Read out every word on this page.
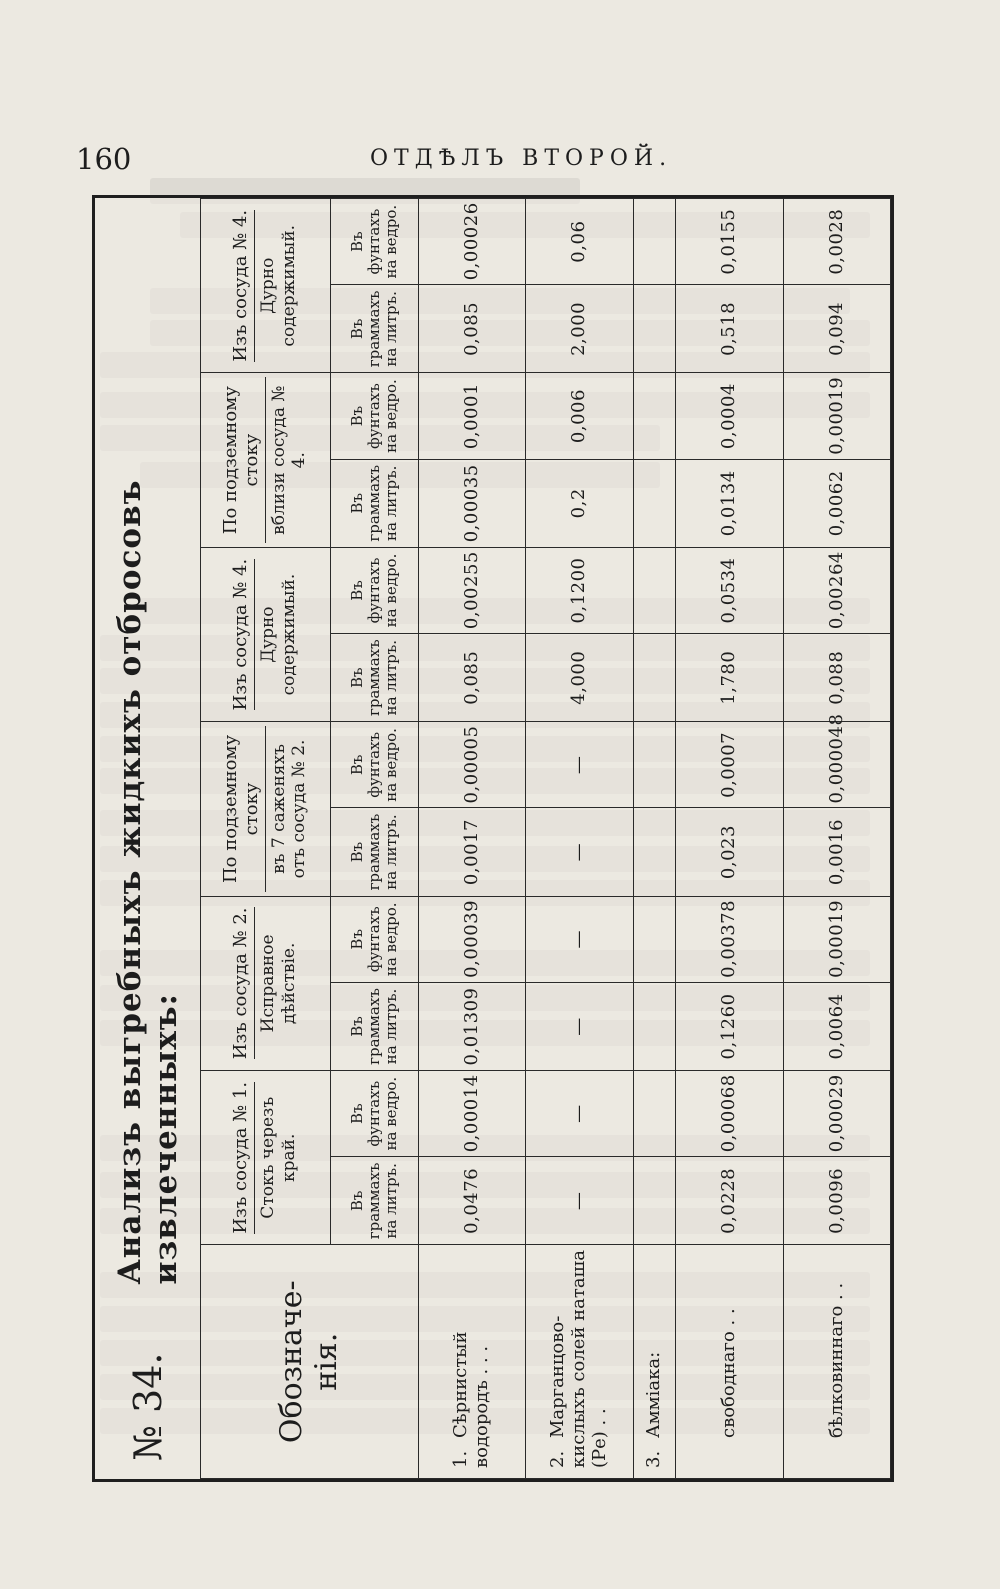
160	ОТДѢЛЪ ВТОРОЙ.
№ 34.
Анализъ выгребныхъ жидкихъ отбросовъ извлеченныхъ:
Обозначе-
нія.	Изъ сосуда № 1. Стокъ черезъ край.		Изъ сосуда № 2. Исправное дѣйствіе.		По подземному стоку въ 7 саженяхъ отъ сосуда № 2.		Изъ сосуда № 4. Дурно содержимый.		По подземному стоку вблизи сосуда № 4.		Изъ сосуда № 4. Дурно содержимый.	
	Въ граммахъ на литръ.	Въ фунтахъ на ведро.	Въ граммахъ на литръ.	Въ фунтахъ на ведро.	Въ граммахъ на литръ.	Въ фунтахъ на ведро.	Въ граммахъ на литръ.	Въ фунтахъ на ведро.	Въ граммахъ на литръ.	Въ фунтахъ на ведро.	Въ граммахъ на литръ.	Въ фунтахъ на ведро.
1.Сѣрнистый водородъ . . .	0,0476	0,00014	0,01309	0,00039	0,0017	0,00005	0,085	0,00255	0,00035	0,0001	0,085	0,00026
2.Марганцово-кислыхъ солей наташа (Ре) . .	—	—	—	—	—	—	4,000	0,1200	0,2	0,006	2,000	0,06
3.Аммiака:												
свободнаго . .	0,0228	0,00068	0,1260	0,00378	0,023	0,0007	1,780	0,0534	0,0134	0,0004	0,518	0,0155
бѣлковиннаго . .	0,0096	0,00029	0,0064	0,00019	0,0016	0,000048	0,088	0,00264	0,0062	0,00019	0,094	0,0028
